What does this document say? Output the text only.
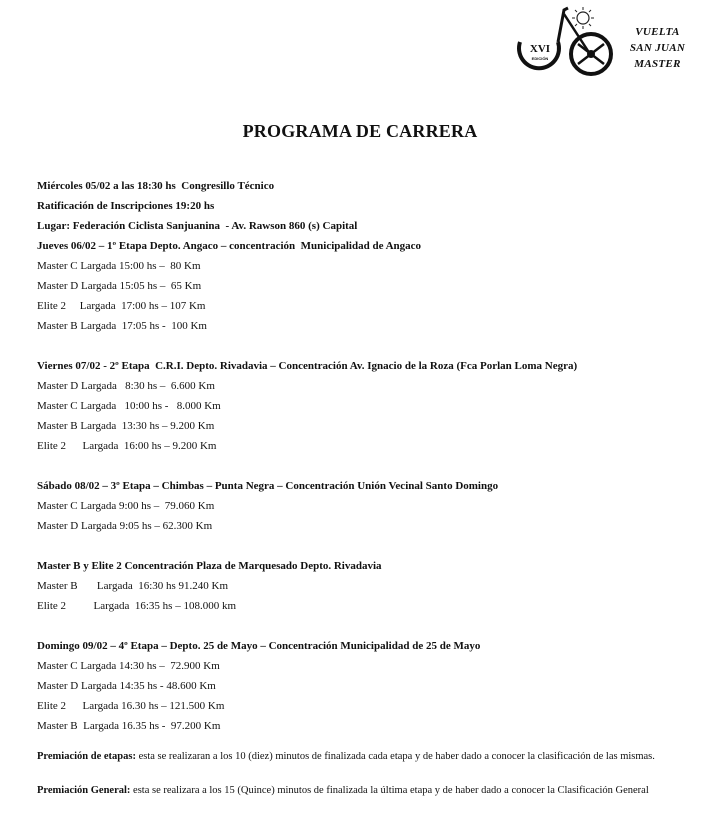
XVI
EDICIÓN
VUELTA
SAN JUAN
MASTER
PROGRAMA DE CARRERA
Miércoles 05/02 a las 18:30 hs  Congresillo Técnico
Ratificación de Inscripciones 19:20 hs
Lugar: Federación Ciclista Sanjuanina  - Av. Rawson 860 (s) Capital
Jueves 06/02 – 1º Etapa Depto. Angaco – concentración  Municipalidad de Angaco
Master C Largada 15:00 hs –  80 Km
Master D Largada 15:05 hs –  65 Km
Elite 2     Largada  17:00 hs – 107 Km
Master B Largada  17:05 hs -  100 Km
Viernes 07/02 - 2º Etapa  C.R.I. Depto. Rivadavia – Concentración Av. Ignacio de la Roza (Fca Porlan Loma Negra)
Master D Largada   8:30 hs –  6.600 Km
Master C Largada   10:00 hs -   8.000 Km
Master B Largada  13:30 hs – 9.200 Km
Elite 2      Largada  16:00 hs – 9.200 Km
Sábado 08/02 – 3º Etapa – Chimbas – Punta Negra – Concentración Unión Vecinal Santo Domingo
Master C Largada 9:00 hs –  79.060 Km
Master D Largada 9:05 hs – 62.300 Km
Master B y Elite 2 Concentración Plaza de Marquesado Depto. Rivadavia
Master B       Largada  16:30 hs 91.240 Km
Elite 2          Largada  16:35 hs – 108.000 km
Domingo 09/02 – 4º Etapa – Depto. 25 de Mayo – Concentración Municipalidad de 25 de Mayo
Master C Largada 14:30 hs –  72.900 Km
Master D Largada 14:35 hs - 48.600 Km
Elite 2      Largada 16.30 hs – 121.500 Km
Master B  Largada 16.35 hs -  97.200 Km
Premiación de etapas: esta se realizaran a los 10 (diez) minutos de finalizada cada etapa y de haber dado a conocer la clasificación de las mismas.
Premiación General: esta se realizara a los 15 (Quince) minutos de finalizada la última etapa y de haber dado a conocer la Clasificación General
